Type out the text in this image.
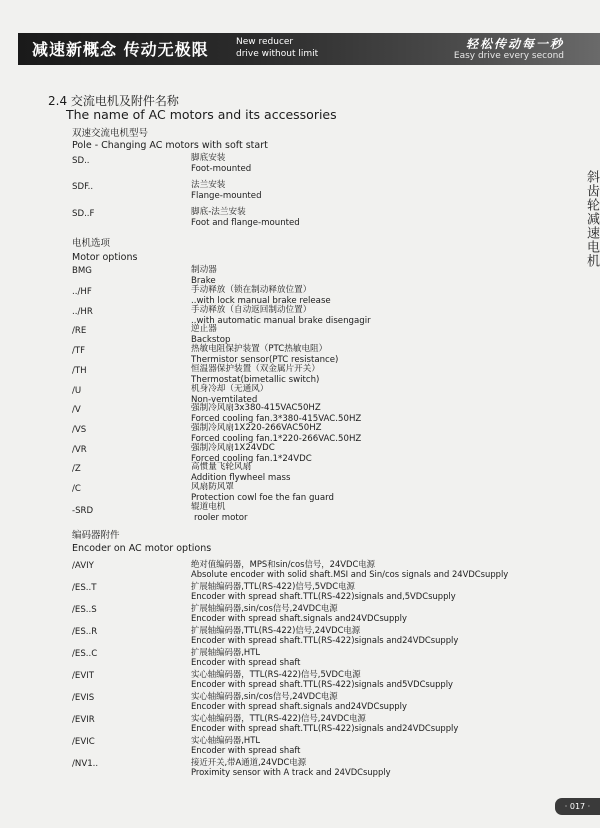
减速新概念 传动无极限	New reducer
drive without limit
轻松传动每一秒
Easy drive every second
斜齿轮减速电机
2.4 交流电机及附件名称
The name of AC motors and its accessories
双速交流电机型号
Pole - Changing AC motors with soft start
SD..	脚底安装
Foot-mounted
SDF..	法兰安装
Flange-mounted
SD..F	脚底-法兰安装
Foot and flange-mounted
电机选项
Motor options
BMG	制动器
Brake
../HF	手动释放（锁在制动释放位置）
..with lock manual brake release
../HR	手动释放（自动返回制动位置）
..with automatic manual brake disengagir
/RE	逆止器
Backstop
/TF	热敏电阻保护装置（PTC热敏电阻）
Thermistor sensor(PTC resistance)
/TH	恒温器保护装置（双金属片开关）
Thermostat(bimetallic switch)
/U	机身冷却（无通风）
Non-vemtilated
/V	强制冷风扇3x380-415VAC50HZ
Forced cooling fan.3*380-415VAC.50HZ
/VS	强制冷风扇1X220-266VAC50HZ
Forced cooling fan.1*220-266VAC.50HZ
/VR	强制冷风扇1X24VDC
Forced cooling fan.1*24VDC
/Z	高惯量飞轮风扇
Addition flywheel mass
/C	风扇防风罩
Protection cowl foe the fan guard
-SRD	辊道电机
rooler motor
编码器附件
Encoder on AC motor options
/AVIY	绝对值编码器，MPS和sin/cos信号，24VDC电源
Absolute encoder with solid shaft.MSI and Sin/cos signals and 24VDCsupply
/ES..T	扩展轴编码器,TTL(RS-422)信号,5VDC电源
Encoder with spread shaft.TTL(RS-422)signals and,5VDCsupply
/ES..S	扩展轴编码器,sin/cos信号,24VDC电源
Encoder with spread shaft.signals and24VDCsupply
/ES..R	扩展轴编码器,TTL(RS-422)信号,24VDC电源
Encoder with spread shaft.TTL(RS-422)signals and24VDCsupply
/ES..C	扩展轴编码器,HTL
Encoder with spread shaft
/EVIT	实心轴编码器，TTL(RS-422)信号,5VDC电源
Encoder with spread shaft.TTL(RS-422)signals and5VDCsupply
/EVIS	实心轴编码器,sin/cos信号,24VDC电源
Encoder with spread shaft.signals and24VDCsupply
/EVIR	实心轴编码器，TTL(RS-422)信号,24VDC电源
Encoder with spread shaft.TTL(RS-422)signals and24VDCsupply
/EVIC	实心轴编码器,HTL
Encoder with spread shaft
/NV1..	接近开关,带A通道,24VDC电源
Proximity sensor with A track and 24VDCsupply
· 017 ·
